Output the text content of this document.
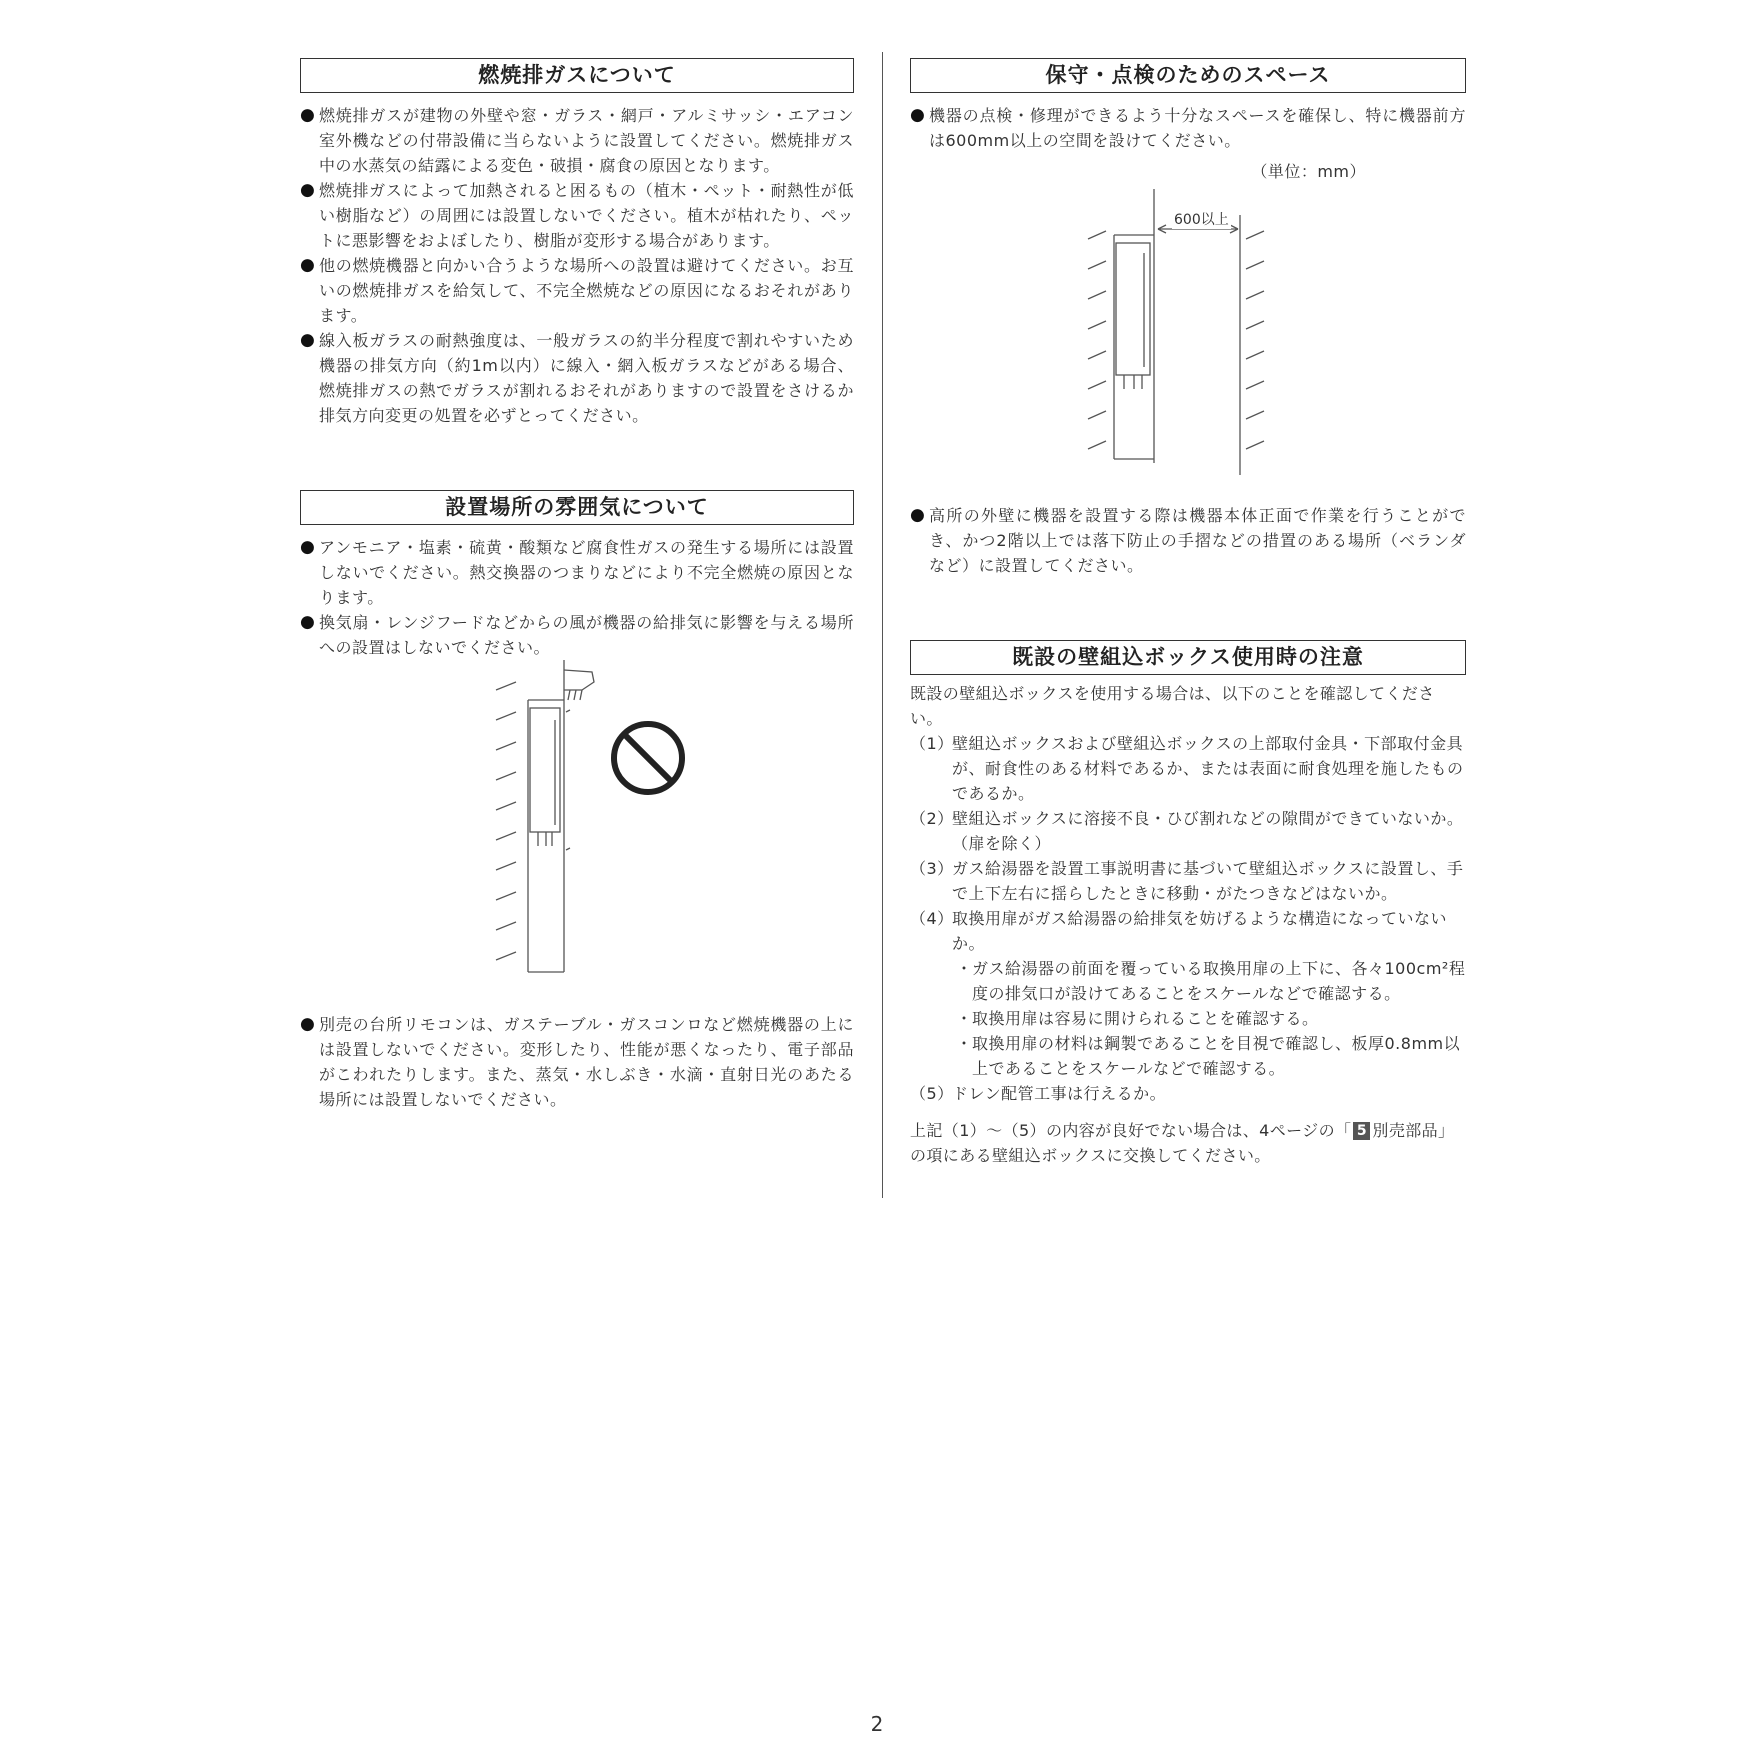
燃焼排ガスについて
● 燃焼排ガスが建物の外壁や窓・ガラス・網戸・アルミサッシ・エアコン室外機などの付帯設備に当らないように設置してください。燃焼排ガス中の水蒸気の結露による変色・破損・腐食の原因となります。
● 燃焼排ガスによって加熱されると困るもの（植木・ペット・耐熱性が低い樹脂など）の周囲には設置しないでください。植木が枯れたり、ペットに悪影響をおよぼしたり、樹脂が変形する場合があります。
● 他の燃焼機器と向かい合うような場所への設置は避けてください。お互いの燃焼排ガスを給気して、不完全燃焼などの原因になるおそれがあります。
● 線入板ガラスの耐熱強度は、一般ガラスの約半分程度で割れやすいため機器の排気方向（約1m以内）に線入・網入板ガラスなどがある場合、燃焼排ガスの熱でガラスが割れるおそれがありますので設置をさけるか排気方向変更の処置を必ずとってください。
設置場所の雰囲気について
● アンモニア・塩素・硫黄・酸類など腐食性ガスの発生する場所には設置しないでください。熱交換器のつまりなどにより不完全燃焼の原因となります。
● 換気扇・レンジフードなどからの風が機器の給排気に影響を与える場所への設置はしないでください。
● 別売の台所リモコンは、ガステーブル・ガスコンロなど燃焼機器の上には設置しないでください。変形したり、性能が悪くなったり、電子部品がこわれたりします。また、蒸気・水しぶき・水滴・直射日光のあたる場所には設置しないでください。
保守・点検のためのスペース
● 機器の点検・修理ができるよう十分なスペースを確保し、特に機器前方は600mm以上の空間を設けてください。
（単位：mm）
600以上
● 高所の外壁に機器を設置する際は機器本体正面で作業を行うことができ、かつ2階以上では落下防止の手摺などの措置のある場所（ベランダなど）に設置してください。
既設の壁組込ボックス使用時の注意

既設の壁組込ボックスを使用する場合は、以下のことを確認してください。

（1）
壁組込ボックスおよび壁組込ボックスの上部取付金具・下部取付金具が、耐食性のある材料であるか、または表面に耐食処理を施したものであるか。
（2）
壁組込ボックスに溶接不良・ひび割れなどの隙間ができていないか。（扉を除く）
（3）
ガス給湯器を設置工事説明書に基づいて壁組込ボックスに設置し、手で上下左右に揺らしたときに移動・がたつきなどはないか。
（4）
取換用扉がガス給湯器の給排気を妨げるような構造になっていないか。
・ ガス給湯器の前面を覆っている取換用扉の上下に、各々100cm²程度の排気口が設けてあることをスケールなどで確認する。
・ 取換用扉は容易に開けられることを確認する。
・ 取換用扉の材料は鋼製であることを目視で確認し、板厚0.8mm以上であることをスケールなどで確認する。
（5）
ドレン配管工事は行えるか。

上記（1）～（5）の内容が良好でない場合は、4ページの「 5 別売部品」の項にある壁組込ボックスに交換してください。

2
